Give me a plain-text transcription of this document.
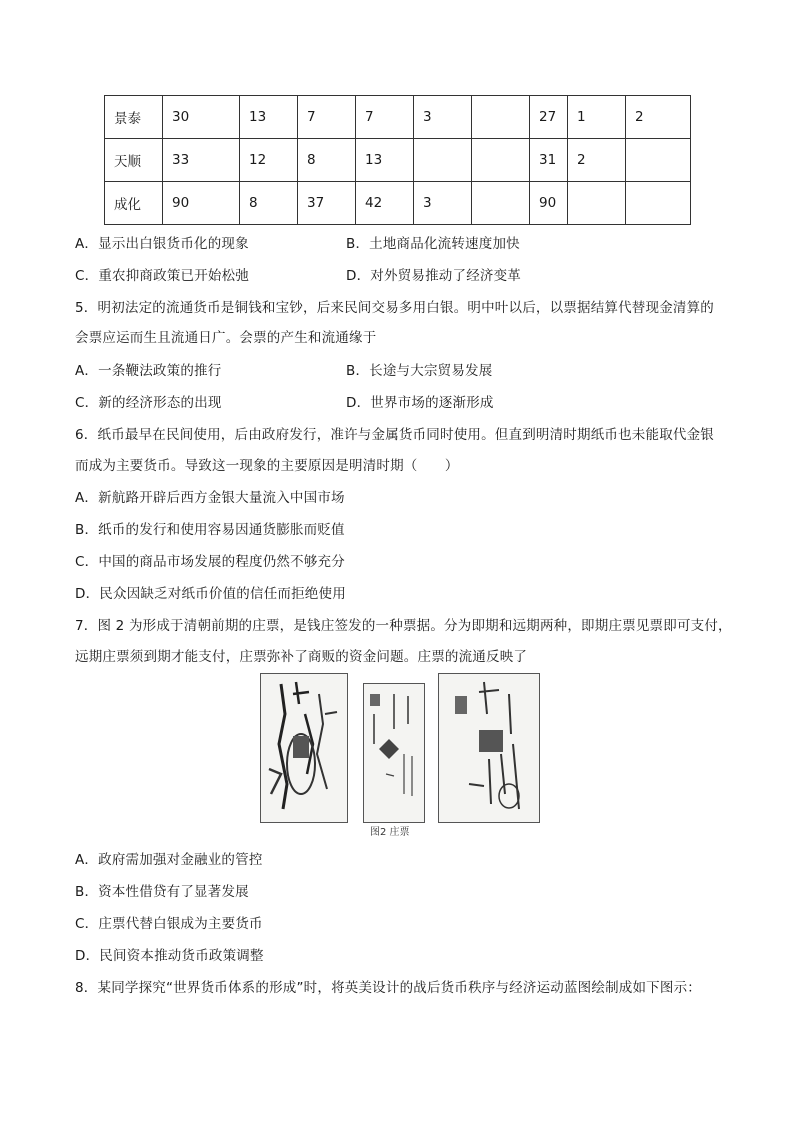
景泰	30	13	7	7	3		27	1	2
天顺	33	12	8	13			31	2	
成化	90	8	37	42	3		90		
A．显示出白银货币化的现象	B．土地商品化流转速度加快
C．重农抑商政策已开始松弛	D．对外贸易推动了经济变革
5．明初法定的流通货币是铜钱和宝钞，后来民间交易多用白银。明中叶以后，以票据结算代替现金清算的
会票应运而生且流通日广。会票的产生和流通缘于
A．一条鞭法政策的推行	B．长途与大宗贸易发展
C．新的经济形态的出现	D．世界市场的逐渐形成
6．纸币最早在民间使用，后由政府发行，准许与金属货币同时使用。但直到明清时期纸币也未能取代金银
而成为主要货币。导致这一现象的主要原因是明清时期（　　）
A．新航路开辟后西方金银大量流入中国市场
B．纸币的发行和使用容易因通货膨胀而贬值
C．中国的商品市场发展的程度仍然不够充分
D．民众因缺乏对纸币价值的信任而拒绝使用
7．图 2 为形成于清朝前期的庄票，是钱庄签发的一种票据。分为即期和远期两种，即期庄票见票即可支付，
远期庄票须到期才能支付，庄票弥补了商贩的资金问题。庄票的流通反映了
图2 庄票
A．政府需加强对金融业的管控
B．资本性借贷有了显著发展
C．庄票代替白银成为主要货币
D．民间资本推动货币政策调整
8．某同学探究“世界货币体系的形成”时，将英美设计的战后货币秩序与经济运动蓝图绘制成如下图示：
